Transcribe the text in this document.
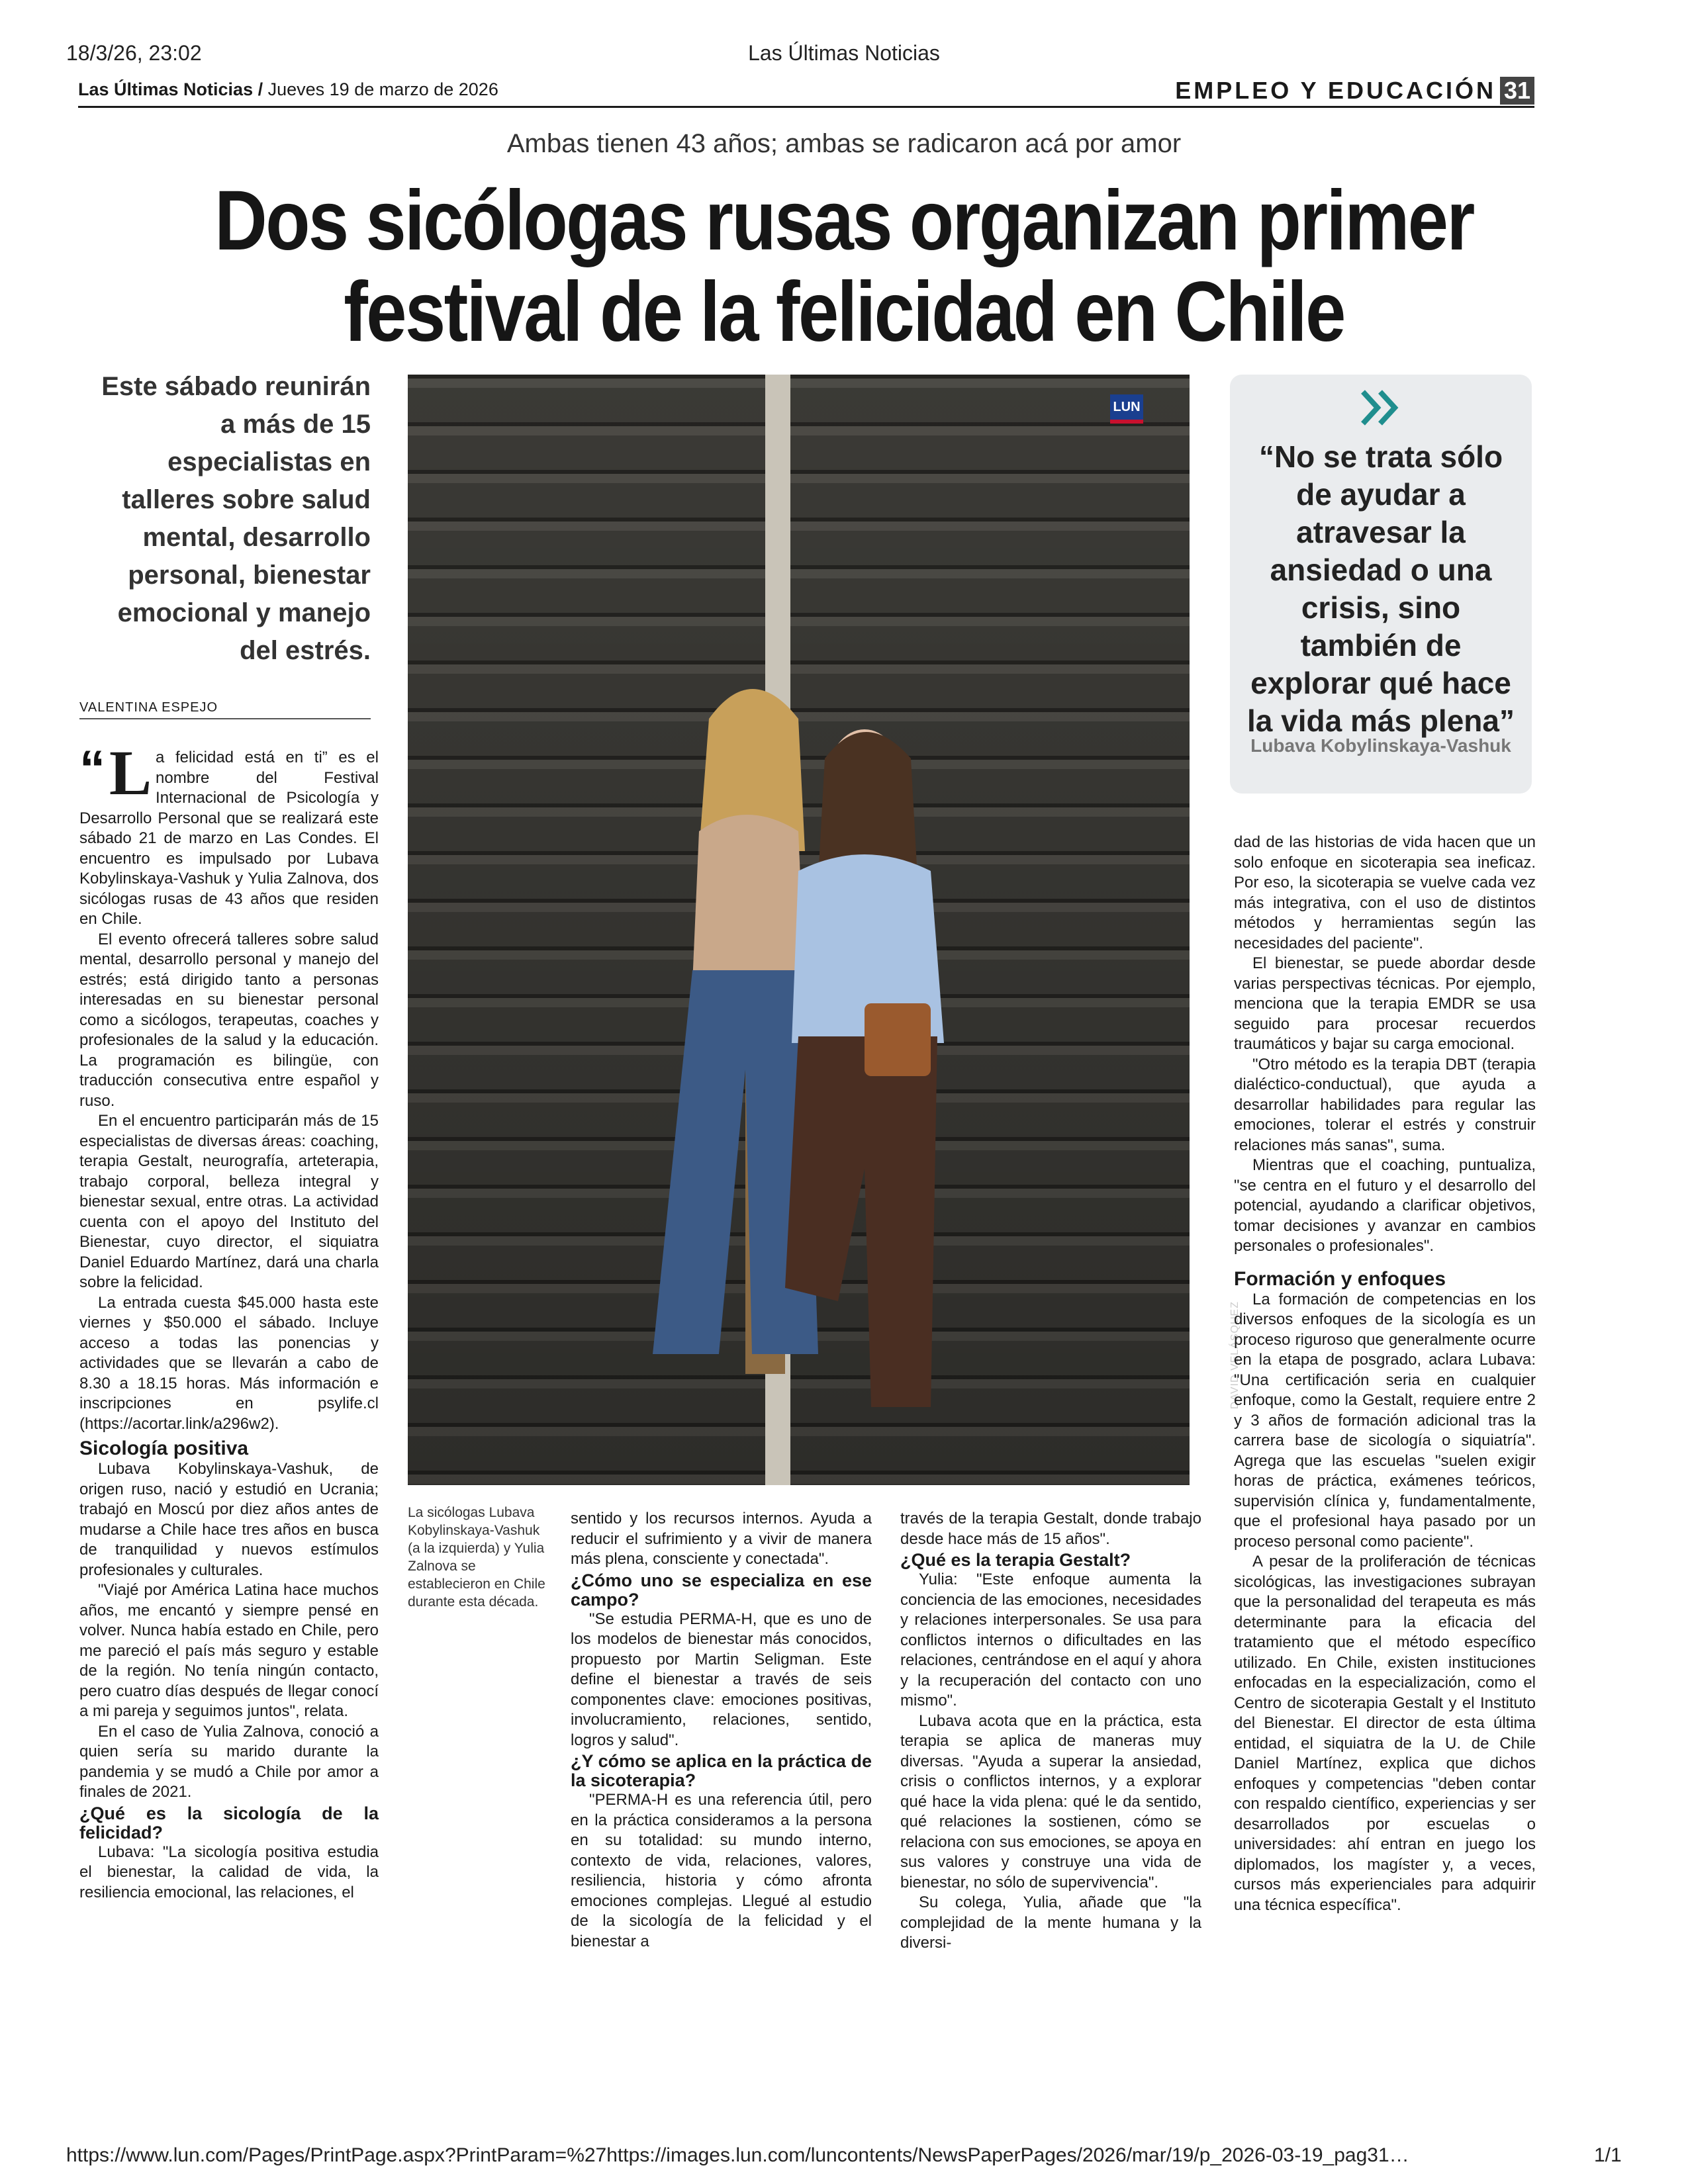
18/3/26, 23:02	Las Últimas Noticias
Las Últimas Noticias / Jueves 19 de marzo de 2026	EMPLEO Y EDUCACIÓN 31
Ambas tienen 43 años; ambas se radicaron acá por amor
Dos sicólogas rusas organizan primer
festival de la felicidad en Chile
Este sábado reunirán a más de 15 especialistas en talleres sobre salud mental, desarrollo personal, bienestar emocional y manejo del estrés.
VALENTINA ESPEJO

“ L a felicidad está en ti” es el nombre del Festival Internacional de Psicología y Desarrollo Personal que se realizará este sábado 21 de marzo en Las Condes. El encuentro es impulsado por Lubava Kobylinskaya-Vashuk y Yulia Zalnova, dos sicólogas rusas de 43 años que residen en Chile.

El evento ofrecerá talleres sobre salud mental, desarrollo personal y manejo del estrés; está dirigido tanto a personas interesadas en su bienestar personal como a sicólogos, terapeutas, coaches y profesionales de la salud y la educación. La programación es bilingüe, con traducción consecutiva entre español y ruso.

En el encuentro participarán más de 15 especialistas de diversas áreas: coaching, terapia Gestalt, neurografía, arteterapia, trabajo corporal, belleza integral y bienestar sexual, entre otras. La actividad cuenta con el apoyo del Instituto del Bienestar, cuyo director, el siquiatra Daniel Eduardo Martínez, dará una charla sobre la felicidad.

La entrada cuesta $45.000 hasta este viernes y $50.000 el sábado. Incluye acceso a todas las ponencias y actividades que se llevarán a cabo de 8.30 a 18.15 horas. Más información e inscripciones en psylife.cl (https://acortar.link/a296w2).

Sicología positiva

Lubava Kobylinskaya-Vashuk, de origen ruso, nació y estudió en Ucrania; trabajó en Moscú por diez años antes de mudarse a Chile hace tres años en busca de tranquilidad y nuevos estímulos profesionales y culturales.

"Viajé por América Latina hace muchos años, me encantó y siempre pensé en volver. Nunca había estado en Chile, pero me pareció el país más seguro y estable de la región. No tenía ningún contacto, pero cuatro días después de llegar conocí a mi pareja y seguimos juntos", relata.

En el caso de Yulia Zalnova, conoció a quien sería su marido durante la pandemia y se mudó a Chile por amor a finales de 2021.

¿Qué es la sicología de la felicidad?

Lubava: "La sicología positiva estudia el bienestar, la calidad de vida, la resiliencia emocional, las relaciones, el

LUN
DAVID VELÁSQUEZ
La sicólogas Lubava Kobylinskaya-Vashuk (a la izquierda) y Yulia Zalnova se establecieron en Chile durante esta década.

sentido y los recursos internos. Ayuda a reducir el sufrimiento y a vivir de manera más plena, consciente y conectada".

¿Cómo uno se especializa en ese campo?

"Se estudia PERMA-H, que es uno de los modelos de bienestar más conocidos, propuesto por Martin Seligman. Este define el bienestar a través de seis componentes clave: emociones positivas, involucramiento, relaciones, sentido, logros y salud".

¿Y cómo se aplica en la práctica de la sicoterapia?

"PERMA-H es una referencia útil, pero en la práctica consideramos a la persona en su totalidad: su mundo interno, contexto de vida, relaciones, valores, resiliencia, historia y cómo afronta emociones complejas. Llegué al estudio de la sicología de la felicidad y el bienestar a

través de la terapia Gestalt, donde trabajo desde hace más de 15 años".

¿Qué es la terapia Gestalt?

Yulia: "Este enfoque aumenta la conciencia de las emociones, necesidades y relaciones interpersonales. Se usa para conflictos internos o dificultades en las relaciones, centrándose en el aquí y ahora y la recuperación del contacto con uno mismo".

Lubava acota que en la práctica, esta terapia se aplica de maneras muy diversas. "Ayuda a superar la ansiedad, crisis o conflictos internos, y a explorar qué hace la vida plena: qué le da sentido, qué relaciones la sostienen, cómo se relaciona con sus emociones, se apoya en sus valores y construye una vida de bienestar, no sólo de supervivencia".

Su colega, Yulia, añade que "la complejidad de la mente humana y la diversi-

“No se trata sólo de ayudar a atravesar la ansiedad o una crisis, sino también de explorar qué hace la vida más plena”
Lubava Kobylinskaya-Vashuk

dad de las historias de vida hacen que un solo enfoque en sicoterapia sea ineficaz. Por eso, la sicoterapia se vuelve cada vez más integrativa, con el uso de distintos métodos y herramientas según las necesidades del paciente".

El bienestar, se puede abordar desde varias perspectivas técnicas. Por ejemplo, menciona que la terapia EMDR se usa seguido para procesar recuerdos traumáticos y bajar su carga emocional.

"Otro método es la terapia DBT (terapia dialéctico-conductual), que ayuda a desarrollar habilidades para regular las emociones, tolerar el estrés y construir relaciones más sanas", suma.

Mientras que el coaching, puntualiza, "se centra en el futuro y el desarrollo del potencial, ayudando a clarificar objetivos, tomar decisiones y avanzar en cambios personales o profesionales".

Formación y enfoques

La formación de competencias en los diversos enfoques de la sicología es un proceso riguroso que generalmente ocurre en la etapa de posgrado, aclara Lubava: "Una certificación seria en cualquier enfoque, como la Gestalt, requiere entre 2 y 3 años de formación adicional tras la carrera base de sicología o siquiatría". Agrega que las escuelas "suelen exigir horas de práctica, exámenes teóricos, supervisión clínica y, fundamentalmente, que el profesional haya pasado por un proceso personal como paciente".

A pesar de la proliferación de técnicas sicológicas, las investigaciones subrayan que la personalidad del terapeuta es más determinante para la eficacia del tratamiento que el método específico utilizado. En Chile, existen instituciones enfocadas en la especialización, como el Centro de sicoterapia Gestalt y el Instituto del Bienestar. El director de esta última entidad, el siquiatra de la U. de Chile Daniel Martínez, explica que dichos enfoques y competencias "deben contar con respaldo científico, experiencias y ser desarrollados por escuelas o universidades: ahí entran en juego los diplomados, los magíster y, a veces, cursos más experienciales para adquirir una técnica específica".

https://www.lun.com/Pages/PrintPage.aspx?PrintParam=%27https://images.lun.com/luncontents/NewsPaperPages/2026/mar/19/p_2026-03-19_pag31…	1/1
